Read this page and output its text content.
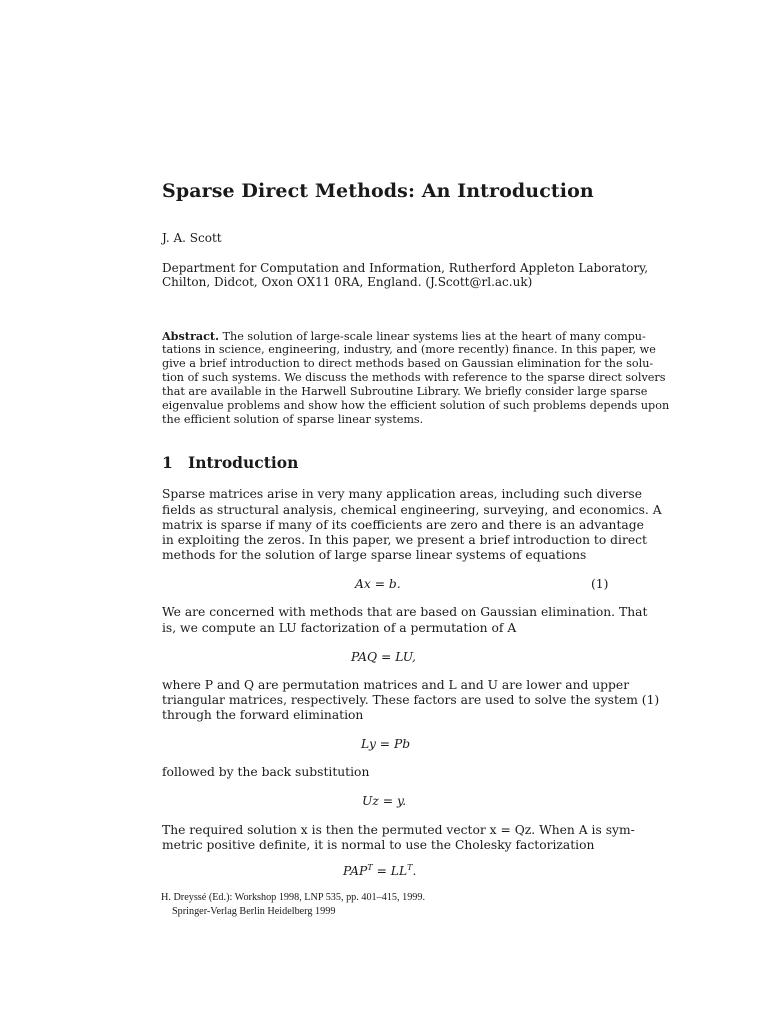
Sparse Direct Methods: An Introduction
J. A. Scott
Department for Computation and Information, Rutherford Appleton Laboratory,
Chilton, Didcot, Oxon OX11 0RA, England. (J.Scott@rl.ac.uk)
Abstract. The solution of large-scale linear systems lies at the heart of many compu-
tations in science, engineering, industry, and (more recently) finance. In this paper, we
give a brief introduction to direct methods based on Gaussian elimination for the solu-
tion of such systems. We discuss the methods with reference to the sparse direct solvers
that are available in the Harwell Subroutine Library. We briefly consider large sparse
eigenvalue problems and show how the efficient solution of such problems depends upon
the efficient solution of sparse linear systems.
1 Introduction
Sparse matrices arise in very many application areas, including such diverse
fields as structural analysis, chemical engineering, surveying, and economics. A
matrix is sparse if many of its coefficients are zero and there is an advantage
in exploiting the zeros. In this paper, we present a brief introduction to direct
methods for the solution of large sparse linear systems of equations
Ax = b.	(1)
We are concerned with methods that are based on Gaussian elimination. That
is, we compute an LU factorization of a permutation of A
PAQ = LU,
where P and Q are permutation matrices and L and U are lower and upper
triangular matrices, respectively. These factors are used to solve the system (1)
through the forward elimination
Ly = Pb
followed by the back substitution
Uz = y.
The required solution x is then the permuted vector x = Qz. When A is sym-
metric positive definite, it is normal to use the Cholesky factorization
$PAP^T = LL^T$.
H. Dreyssé (Ed.): Workshop 1998, LNP 535, pp. 401–415, 1999.
Springer-Verlag Berlin Heidelberg 1999
